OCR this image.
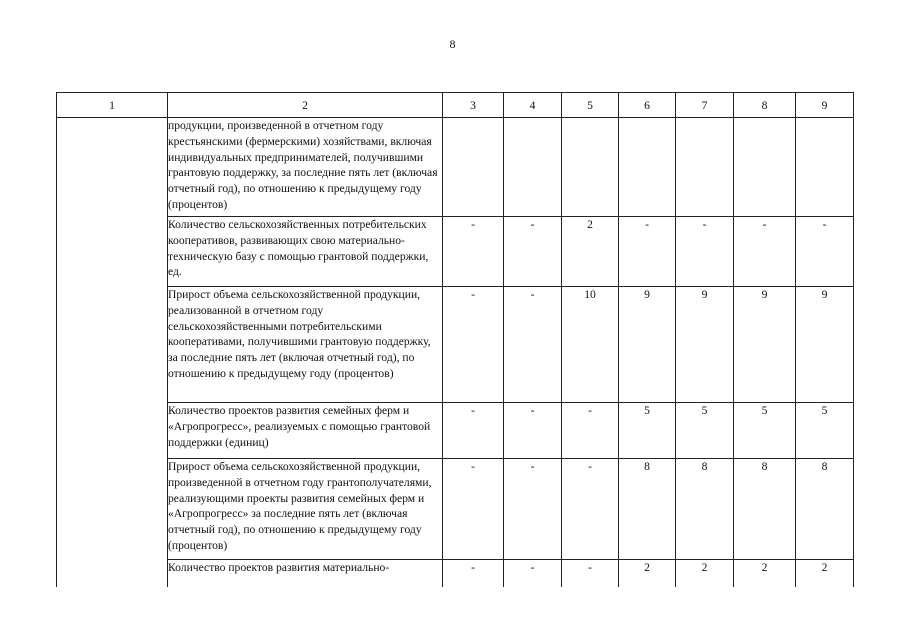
8
1	2	3	4	5	6	7	8	9
	продукции, произведенной в отчетном году крестьянскими (фермерскими) хозяйствами, включая индивидуальных предпринимателей, получившими грантовую поддержку, за последние пять лет (включая отчетный год), по отношению к предыдущему году (процентов)							
	Количество сельскохозяйственных потребительских кооперативов, развивающих свою материально-техническую базу с помощью грантовой поддержки, ед.	-	-	2	-	-	-	-
	Прирост объема сельскохозяйственной продукции, реализованной в отчетном году сельскохозяйственными потребительскими кооперативами, получившими грантовую поддержку, за последние пять лет (включая отчетный год), по отношению к предыдущему году (процентов)	-	-	10	9	9	9	9
	Количество проектов развития семейных ферм и «Агропрогресс», реализуемых с помощью грантовой поддержки (единиц)	-	-	-	5	5	5	5
	Прирост объема сельскохозяйственной продукции, произведенной в отчетном году грантополучателями, реализующими проекты развития семейных ферм и «Агропрогресс» за последние пять лет (включая отчетный год), по отношению к предыдущему году (процентов)	-	-	-	8	8	8	8
	Количество проектов развития материально-	-	-	-	2	2	2	2
